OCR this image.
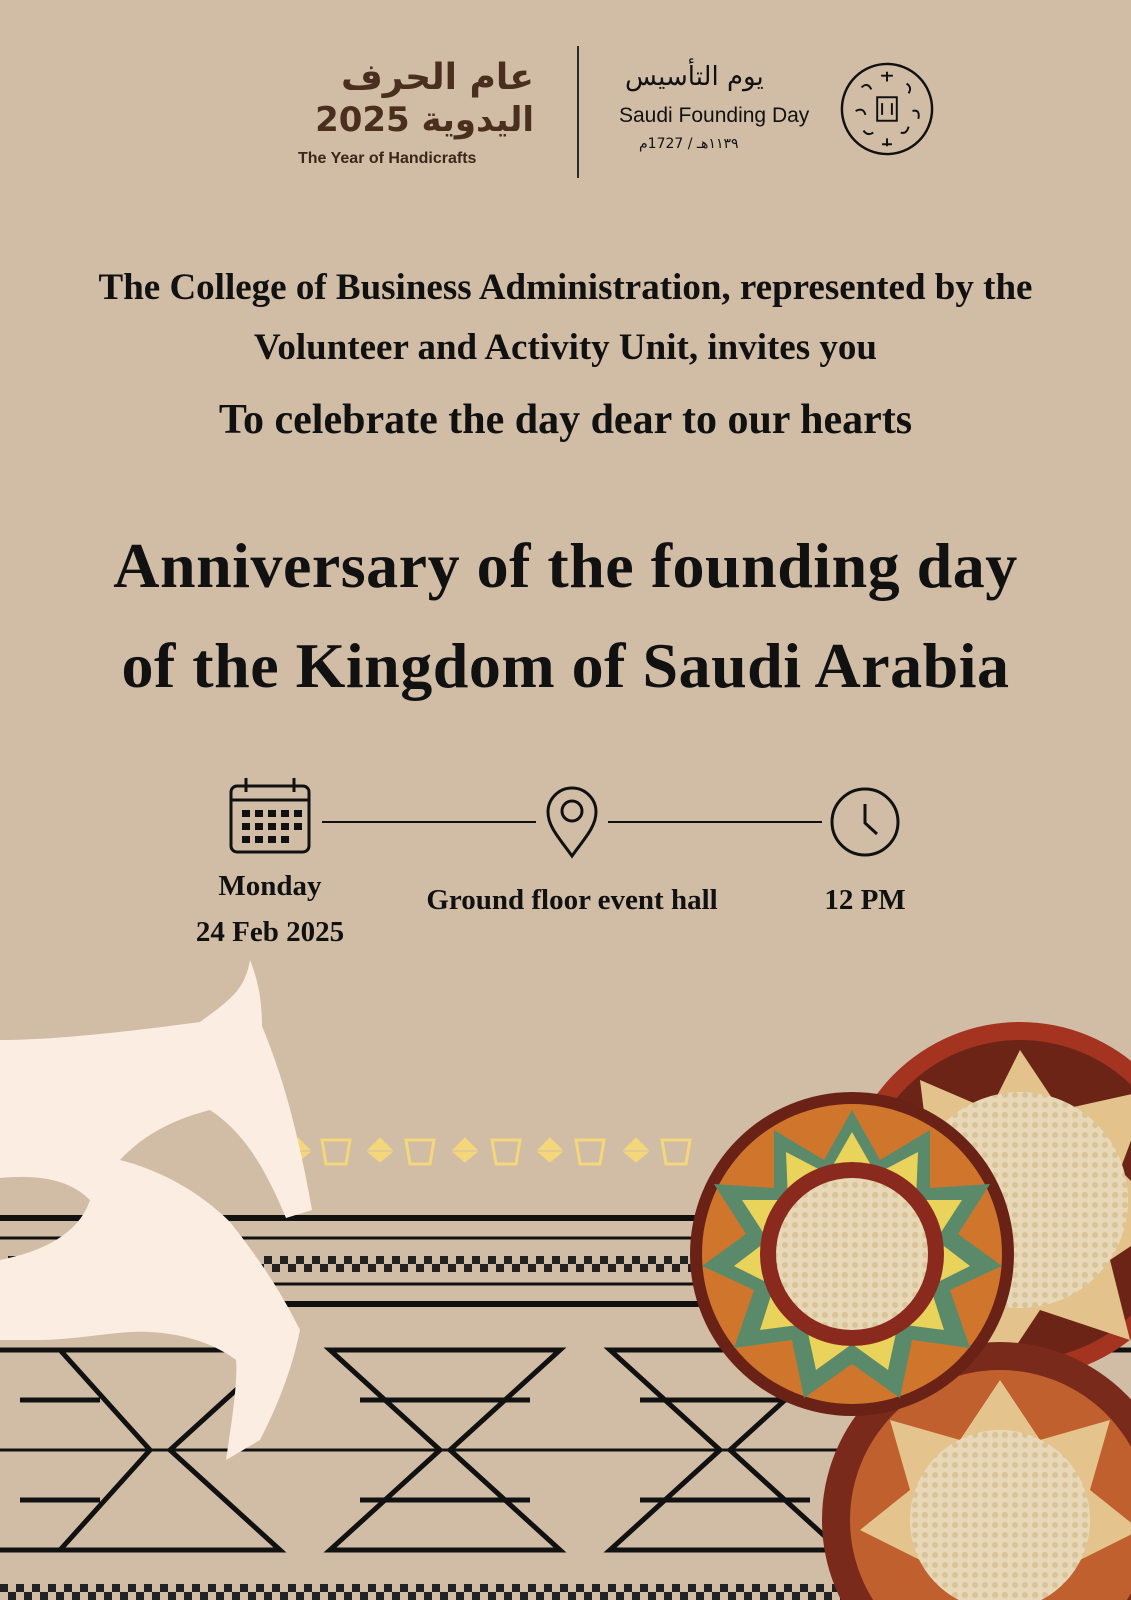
عام الحرف
اليدوية 2025
The Year of Handicrafts
يوم التأسيس
Saudi Founding Day
١١٣٩هـ / 1727م
The College of Business Administration, represented by the
Volunteer and Activity Unit, invites you
To celebrate the day dear to our hearts
Anniversary of the founding day
of the Kingdom of Saudi Arabia
Monday
24 Feb 2025
Ground floor event hall	12 PM
